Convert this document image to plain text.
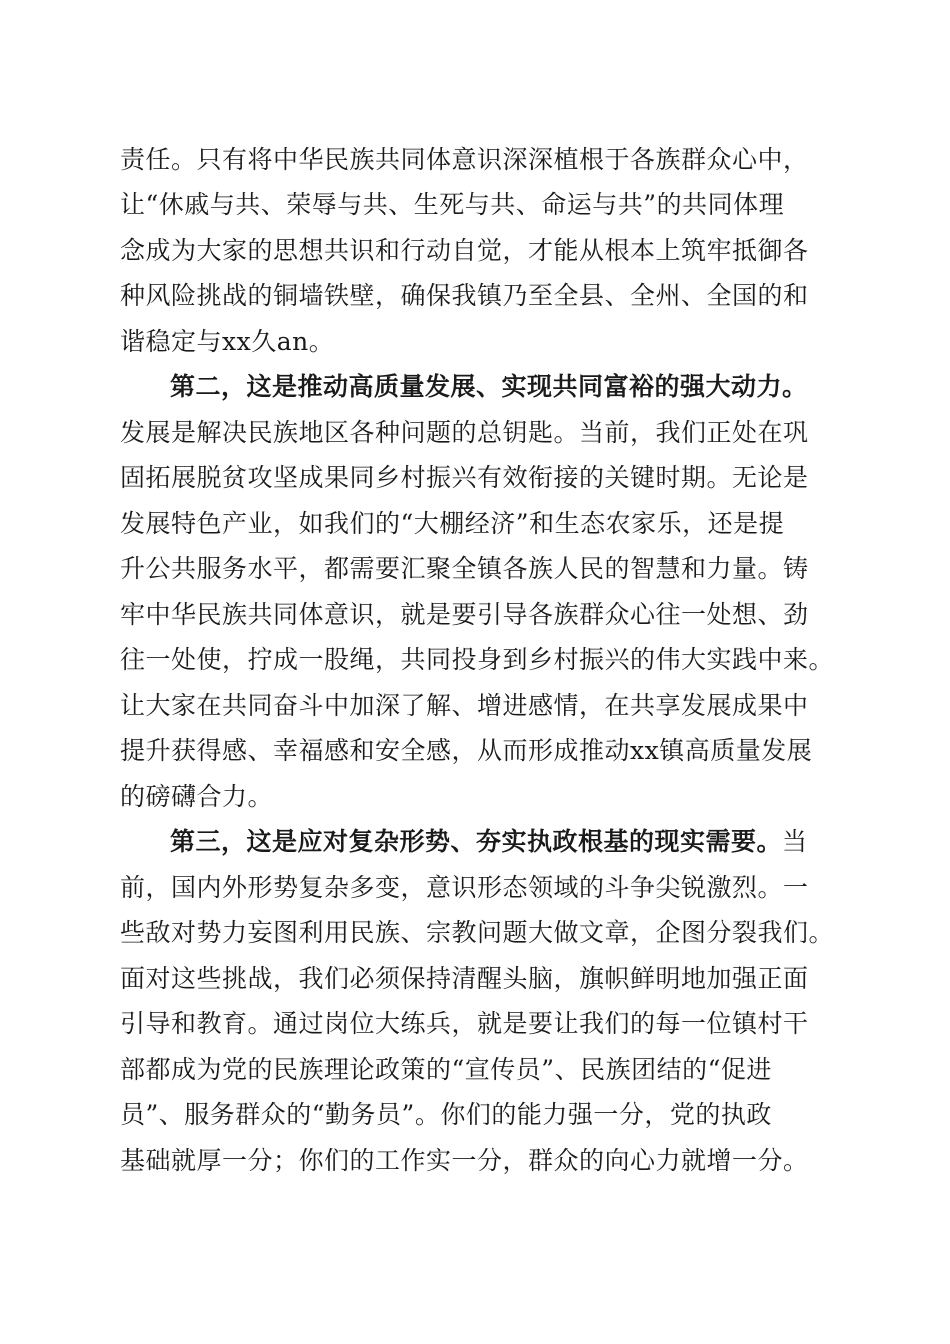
责任。只有将中华民族共同体意识深深植根于各族群众心中，
让“休戚与共、荣辱与共、生死与共、命运与共”的共同体理
念成为大家的思想共识和行动自觉，才能从根本上筑牢抵御各
种风险挑战的铜墙铁壁，确保我镇乃至全县、全州、全国的和
谐稳定与xx久an。
第二，这是推动高质量发展、实现共同富裕的强大动力。
发展是解决民族地区各种问题的总钥匙。当前，我们正处在巩
固拓展脱贫攻坚成果同乡村振兴有效衔接的关键时期。无论是
发展特色产业，如我们的“大棚经济”和生态农家乐，还是提
升公共服务水平，都需要汇聚全镇各族人民的智慧和力量。铸
牢中华民族共同体意识，就是要引导各族群众心往一处想、劲
往一处使，拧成一股绳，共同投身到乡村振兴的伟大实践中来。
让大家在共同奋斗中加深了解、增进感情，在共享发展成果中
提升获得感、幸福感和安全感，从而形成推动xx镇高质量发展
的磅礴合力。
第三，这是应对复杂形势、夯实执政根基的现实需要。当
前，国内外形势复杂多变，意识形态领域的斗争尖锐激烈。一
些敌对势力妄图利用民族、宗教问题大做文章，企图分裂我们。
面对这些挑战，我们必须保持清醒头脑，旗帜鲜明地加强正面
引导和教育。通过岗位大练兵，就是要让我们的每一位镇村干
部都成为党的民族理论政策的“宣传员”、民族团结的“促进
员”、服务群众的“勤务员”。你们的能力强一分，党的执政
基础就厚一分；你们的工作实一分，群众的向心力就增一分。
